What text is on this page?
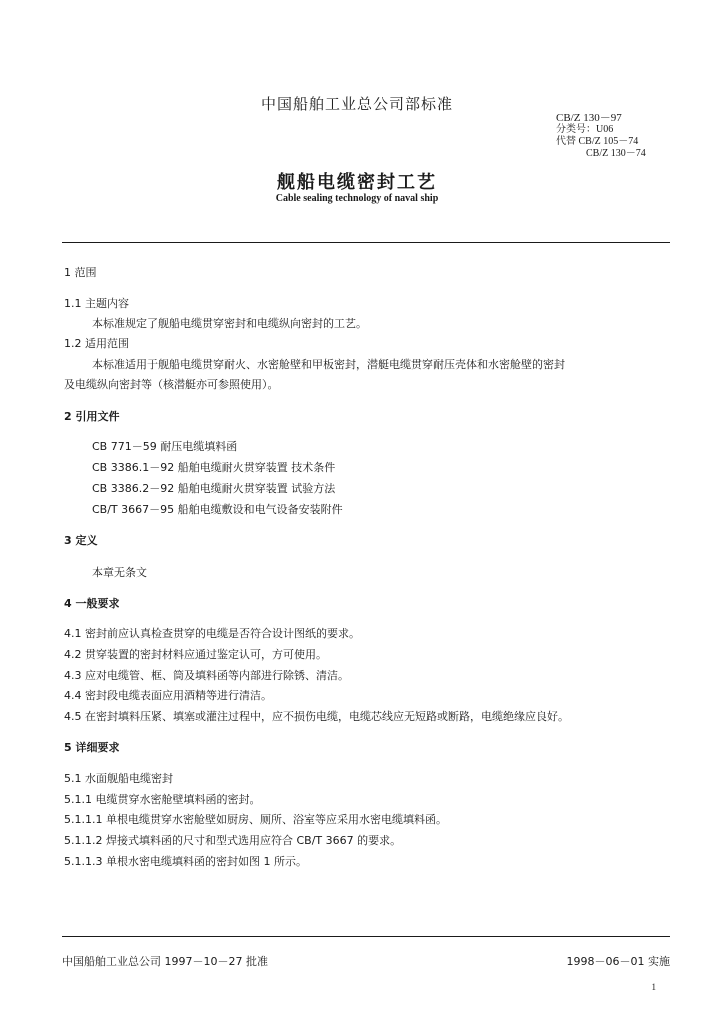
中国船舶工业总公司部标准
CB/Z 130－97
分类号：U06
代替 CB/Z 105－74
CB/Z 130－74
舰船电缆密封工艺
Cable sealing technology of naval ship
1 范围
1.1 主题内容
本标准规定了舰船电缆贯穿密封和电缆纵向密封的工艺。
1.2 适用范围
本标准适用于舰船电缆贯穿耐火、水密舱壁和甲板密封，潜艇电缆贯穿耐压壳体和水密舱壁的密封
及电缆纵向密封等（核潜艇亦可参照使用）。
2 引用文件
CB 771－59 耐压电缆填料函
CB 3386.1－92 船舶电缆耐火贯穿装置 技术条件
CB 3386.2－92 船舶电缆耐火贯穿装置 试验方法
CB/T 3667－95 船舶电缆敷设和电气设备安装附件
3 定义
本章无条文
4 一般要求
4.1 密封前应认真检查贯穿的电缆是否符合设计图纸的要求。
4.2 贯穿装置的密封材料应通过鉴定认可，方可使用。
4.3 应对电缆管、框、筒及填料函等内部进行除锈、清洁。
4.4 密封段电缆表面应用酒精等进行清洁。
4.5 在密封填料压紧、填塞或灌注过程中，应不损伤电缆，电缆芯线应无短路或断路，电缆绝缘应良好。
5 详细要求
5.1 水面舰船电缆密封
5.1.1 电缆贯穿水密舱壁填料函的密封。
5.1.1.1 单根电缆贯穿水密舱壁如厨房、厕所、浴室等应采用水密电缆填料函。
5.1.1.2 焊接式填料函的尺寸和型式选用应符合 CB/T 3667 的要求。
5.1.1.3 单根水密电缆填料函的密封如图 1 所示。
中国船舶工业总公司 1997－10－27 批准	1998－06－01 实施
1
